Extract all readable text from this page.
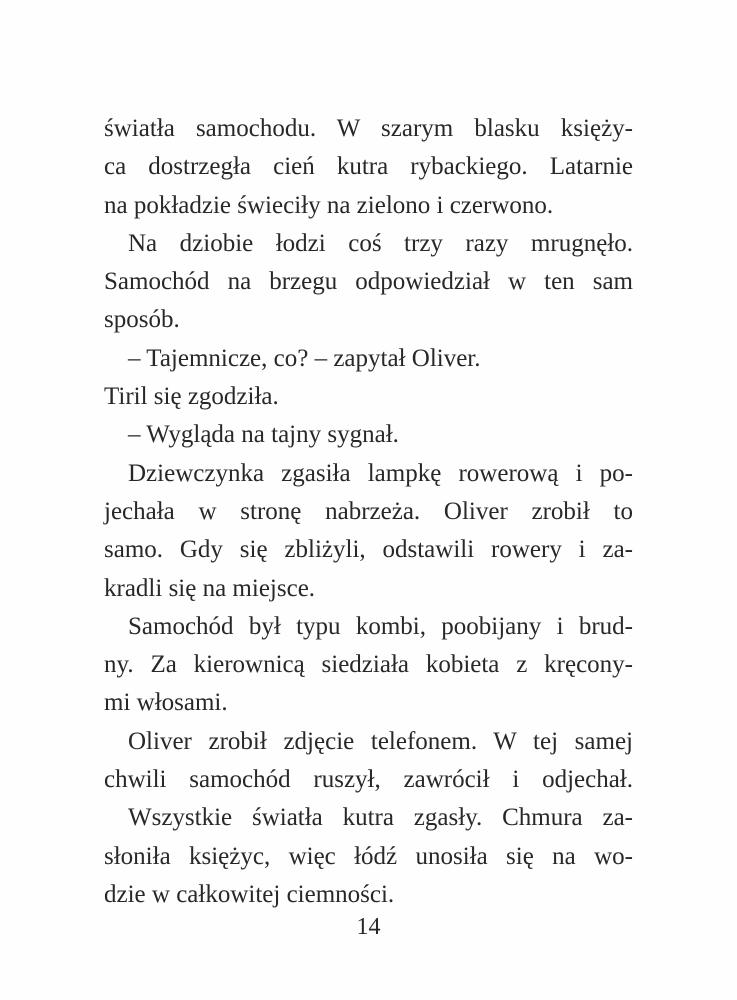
światła samochodu. W szarym blasku księży-
ca dostrzegła cień kutra rybackiego. Latarnie
na pokładzie świeciły na zielono i czerwono.
Na dziobie łodzi coś trzy razy mrugnęło.
Samochód na brzegu odpowiedział w ten sam
sposób.
– Tajemnicze, co? – zapytał Oliver.
Tiril się zgodziła.
– Wygląda na tajny sygnał.
Dziewczynka zgasiła lampkę rowerową i po-
jechała w stronę nabrzeża. Oliver zrobił to
samo. Gdy się zbliżyli, odstawili rowery i za-
kradli się na miejsce.
Samochód był typu kombi, poobijany i brud-
ny. Za kierownicą siedziała kobieta z kręcony-
mi włosami.
Oliver zrobił zdjęcie telefonem. W tej samej
chwili samochód ruszył, zawrócił i odjechał.
Wszystkie światła kutra zgasły. Chmura za-
słoniła księżyc, więc łódź unosiła się na wo-
dzie w całkowitej ciemności.
14
